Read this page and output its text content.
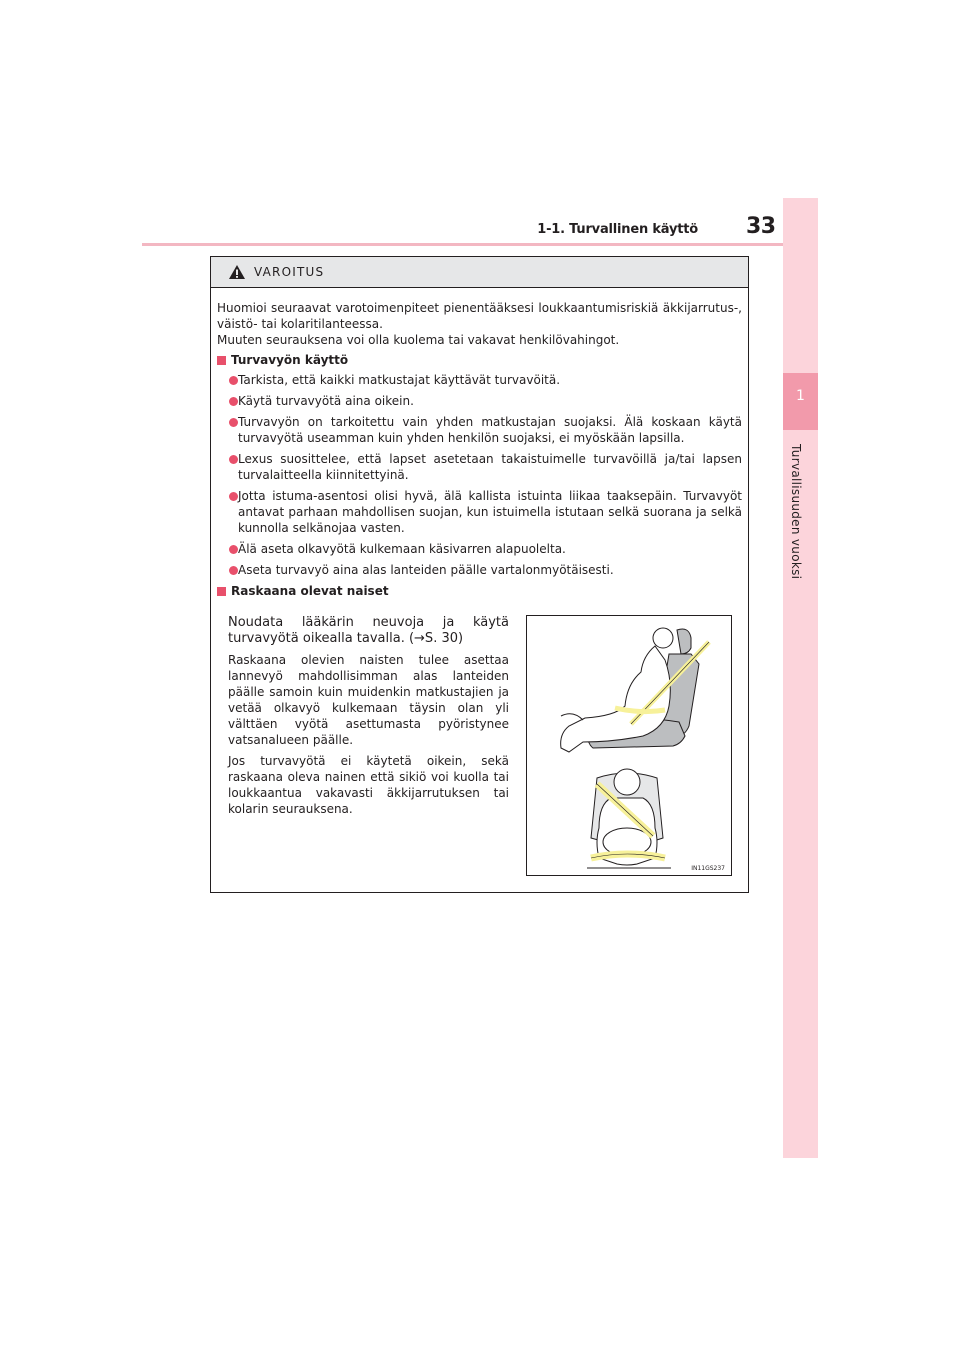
1-1. Turvallinen käyttö 33
1
Turvallisuuden vuoksi
VAROITUS

Huomioi seuraavat varotoimenpiteet pienentääksesi loukkaantumisriskiä äkkijarrutus-, väistö- tai kolaritilanteessa.
Muuten seurauksena voi olla kuolema tai vakavat henkilövahingot.

Turvavyön käyttö

Tarkista, että kaikki matkustajat käyttävät turvavöitä.

Käytä turvavyötä aina oikein.

Turvavyön on tarkoitettu vain yhden matkustajan suojaksi. Älä koskaan käytä turvavyötä useamman kuin yhden henkilön suojaksi, ei myöskään lapsilla.

Lexus suosittelee, että lapset asetetaan takaistuimelle turvavöillä ja/tai lapsen turvalaitteella kiinnitettyinä.

Jotta istuma-asentosi olisi hyvä, älä kallista istuinta liikaa taaksepäin. Turvavyöt antavat parhaan mahdollisen suojan, kun istuimella istutaan selkä suorana ja selkä kunnolla selkänojaa vasten.

Älä aseta olkavyötä kulkemaan käsivarren alapuolelta.

Aseta turvavyö aina alas lanteiden päälle vartalonmyötäisesti.

Raskaana olevat naiset

Noudata lääkärin neuvoja ja käytä turvavyötä oikealla tavalla. (→S. 30)

Raskaana olevien naisten tulee asettaa lannevyö mahdollisimman alas lanteiden päälle samoin kuin muidenkin matkustajien ja vetää olkavyö kulkemaan täysin olan yli välttäen vyötä asettumasta pyöristynee vatsanalueen päälle.

Jos turvavyötä ei käytetä oikein, sekä raskaana oleva nainen että sikiö voi kuolla tai loukkaantua vakavasti äkkijarrutuksen tai kolarin seurauksena.

IN11GS237
